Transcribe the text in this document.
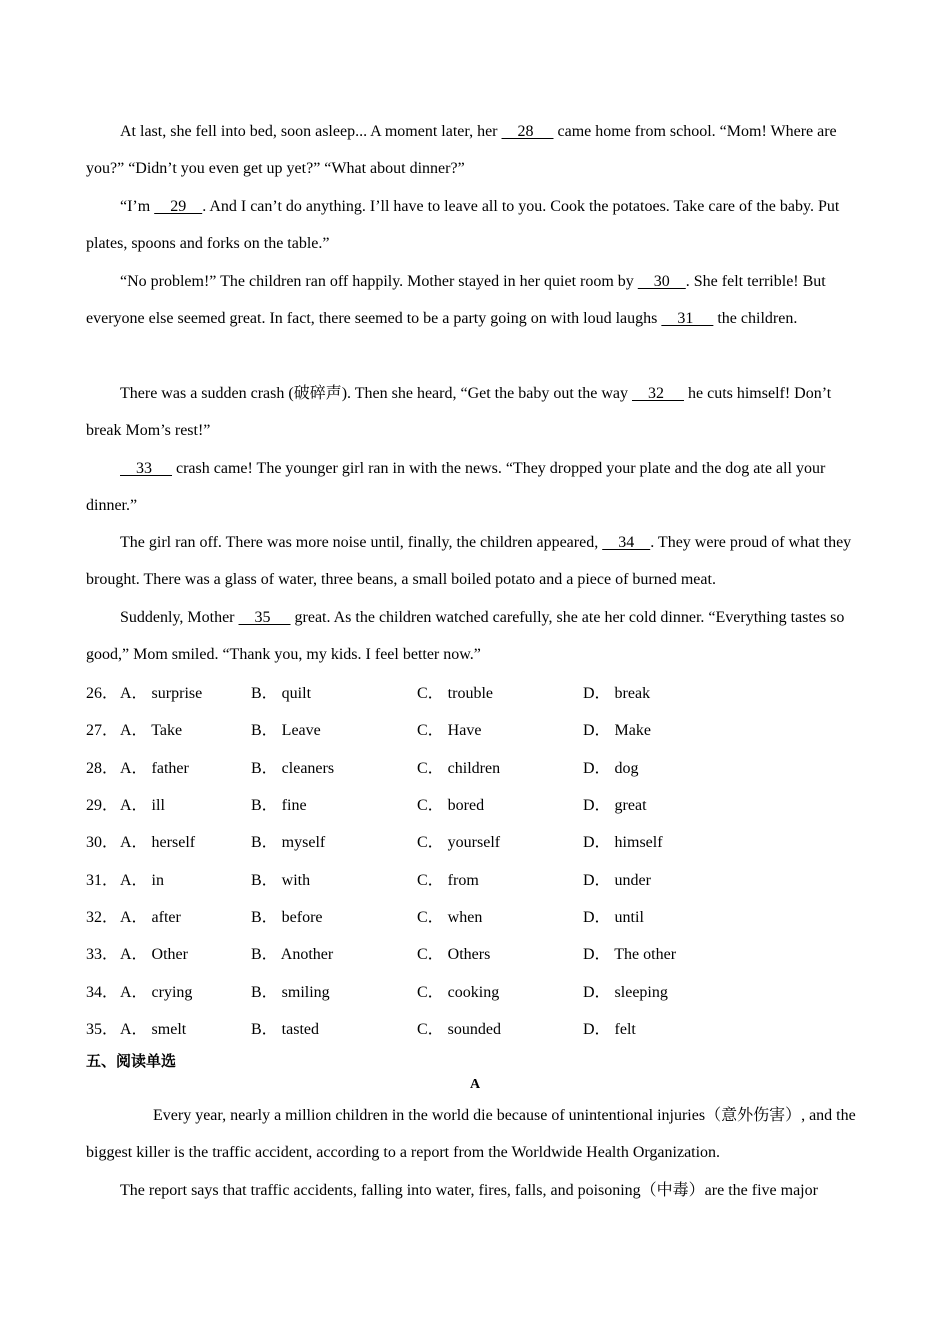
At last, she fell into bed, soon asleep... A moment later, her     28      came home from school. “Mom! Where are you?” “Didn’t you even get up yet?” “What about dinner?”

“I’m     29    . And I can’t do anything. I’ll have to leave all to you. Cook the potatoes. Take care of the baby. Put plates, spoons and forks on the table.”

“No problem!” The children ran off happily. Mother stayed in her quiet room by     30    . She felt terrible! But everyone else seemed great. In fact, there seemed to be a party going on with loud laughs     31      the children.

There was a sudden crash (破碎声). Then she heard, “Get the baby out the way     32      he cuts himself! Don’t break Mom’s rest!”

33      crash came! The younger girl ran in with the news. “They dropped your plate and the dog ate all your dinner.”

The girl ran off. There was more noise until, finally, the children appeared,     34    . They were proud of what they brought. There was a glass of water, three beans, a small boiled potato and a piece of burned meat.

Suddenly, Mother     35      great. As the children watched carefully, she ate her cold dinner. “Everything tastes so good,” Mom smiled. “Thank you, my kids. I feel better now.”

26． A． surprise	B． quilt	C． trouble	D． break
27． A． Take	B． Leave	C． Have	D． Make
28． A． father	B． cleaners	C． children	D． dog
29． A． ill	B． fine	C． bored	D． great
30． A． herself	B． myself	C． yourself	D． himself
31． A． in	B． with	C． from	D． under
32． A． after	B． before	C． when	D． until
33． A． Other	B． Another	C． Others	D． The other
34． A． crying	B． smiling	C． cooking	D． sleeping
35． A． smelt	B． tasted	C． sounded	D． felt
五、阅读单选
A

Every year, nearly a million children in the world die because of unintentional injuries（意外伤害）, and the biggest killer is the traffic accident, according to a report from the Worldwide Health Organization.

The report says that traffic accidents, falling into water, fires, falls, and poisoning（中毒）are the five major
